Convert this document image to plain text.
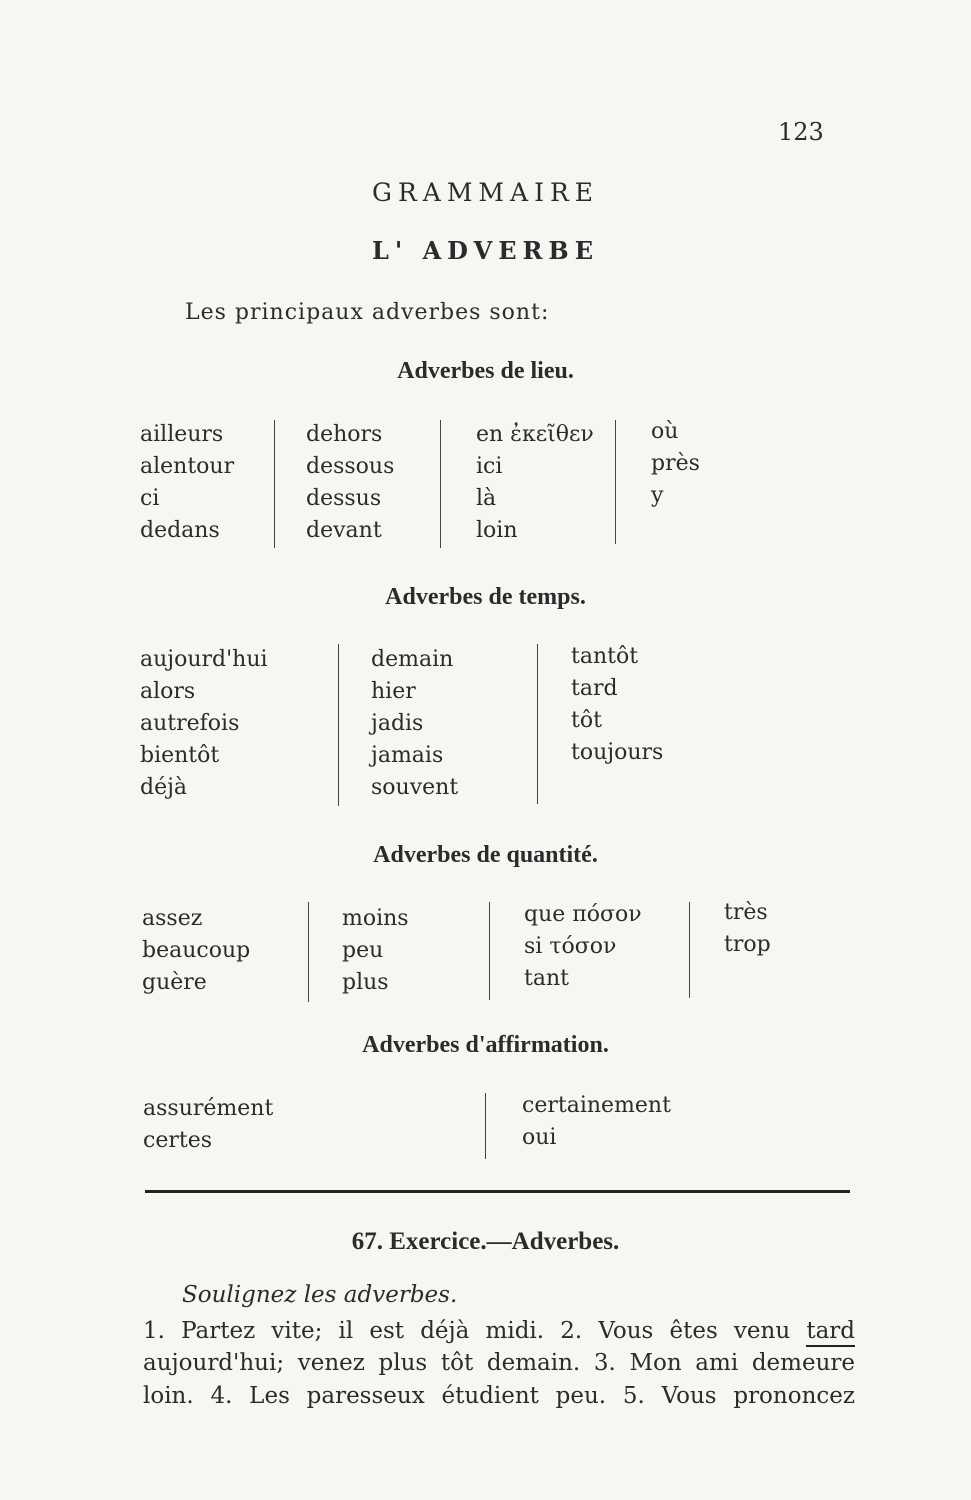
123
GRAMMAIRE
L' ADVERBE
Les principaux adverbes sont:
Adverbes de lieu.
ailleurs
alentour
ci
dedans
dehors
dessous
dessus
devant
en ἐκεῖθεν
ici
là
loin
où
près
y
Adverbes de temps.
aujourd'hui
alors
autrefois
bientôt
déjà
demain
hier
jadis
jamais
souvent
tantôt
tard
tôt
toujours
Adverbes de quantité.
assez
beaucoup
guère
moins
peu
plus
que πόσον
si τόσον
tant
très
trop
Adverbes d'affirmation.
assurément
certes
certainement
oui
67. Exercice.—Adverbes.
Soulignez les adverbes.
1. Partez vite; il est déjà midi. 2. Vous êtes venu tard
aujourd'hui; venez plus tôt demain. 3. Mon ami demeure
loin. 4. Les paresseux étudient peu. 5. Vous prononcez
